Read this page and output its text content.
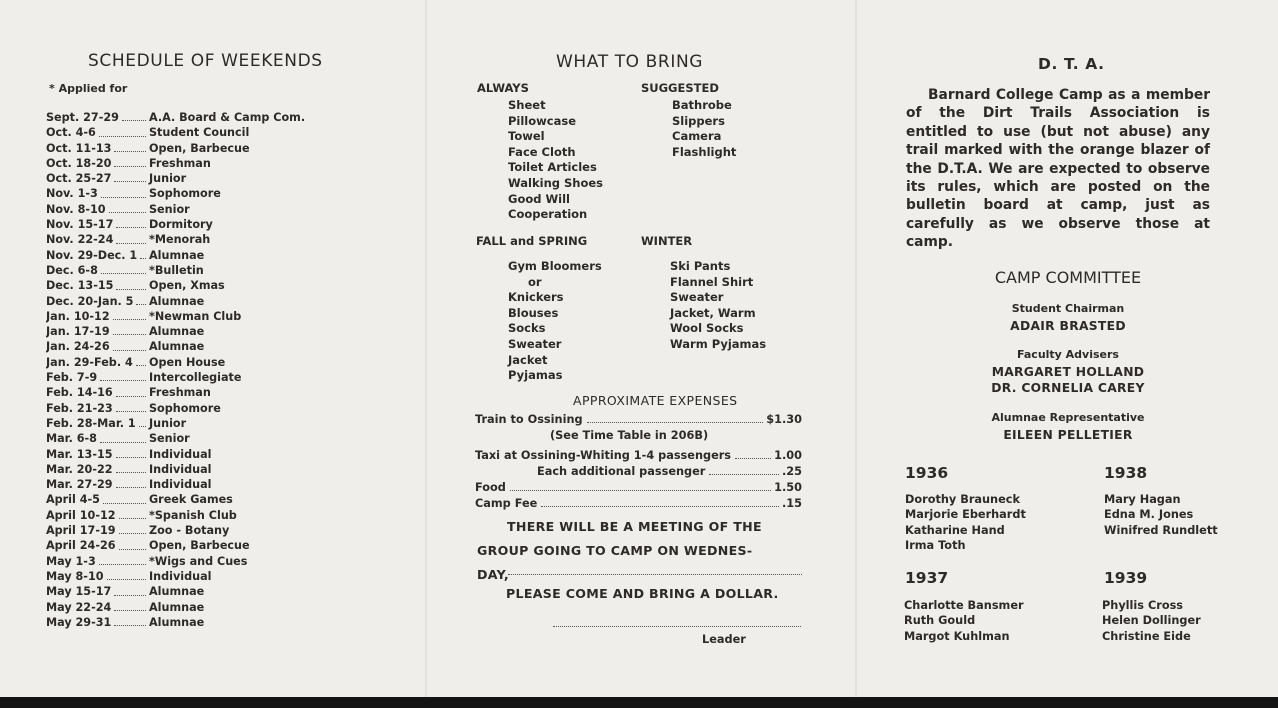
SCHEDULE OF WEEKENDS
* Applied for
Sept. 27-29	A.A. Board & Camp Com.
Oct. 4-6	Student Council
Oct. 11-13	Open, Barbecue
Oct. 18-20	Freshman
Oct. 25-27	Junior
Nov. 1-3	Sophomore
Nov. 8-10	Senior
Nov. 15-17	Dormitory
Nov. 22-24	*Menorah
Nov. 29-Dec. 1 Alumnae
Dec. 6-8	*Bulletin
Dec. 13-15	Open, Xmas
Dec. 20-Jan. 5 Alumnae
Jan. 10-12	*Newman Club
Jan. 17-19	Alumnae
Jan. 24-26	Alumnae
Jan. 29-Feb. 4 Open House
Feb. 7-9	Intercollegiate
Feb. 14-16	Freshman
Feb. 21-23	Sophomore
Feb. 28-Mar. 1 Junior
Mar. 6-8	Senior
Mar. 13-15	Individual
Mar. 20-22	Individual
Mar. 27-29	Individual
April 4-5	Greek Games
April 10-12	*Spanish Club
April 17-19	Zoo - Botany
April 24-26	Open, Barbecue
May 1-3	*Wigs and Cues
May 8-10	Individual
May 15-17	Alumnae
May 22-24	Alumnae
May 29-31	Alumnae
WHAT TO BRING
ALWAYS
Sheet
Pillowcase
Towel
Face Cloth
Toilet Articles
Walking Shoes
Good Will
Cooperation
SUGGESTED
Bathrobe
Slippers
Camera
Flashlight
FALL and SPRING
Gym Bloomers
or
Knickers
Blouses
Socks
Sweater
Jacket
Pyjamas
WINTER
Ski Pants
Flannel Shirt
Sweater
Jacket, Warm
Wool Socks
Warm Pyjamas
APPROXIMATE EXPENSES
Train to Ossining	$1.30
(See Time Table in 206B)
Taxi at Ossining-Whiting 1-4 passengers	1.00
Each additional passenger	.25
Food	1.50
Camp Fee	.15

THERE WILL BE A MEETING OF THE

GROUP GOING TO CAMP ON WEDNES-

DAY,

PLEASE COME AND BRING A DOLLAR.
Leader
D. T. A.

Barnard College Camp as a member of the Dirt Trails Association is entitled to use (but not abuse) any trail marked with the orange blazer of the D.T.A. We are expected to observe its rules, which are posted on the bulletin board at camp, just as carefully as we observe those at camp.

CAMP COMMITTEE
Student Chairman
ADAIR BRASTED
Faculty Advisers
MARGARET HOLLAND
DR. CORNELIA CAREY
Alumnae Representative
EILEEN PELLETIER
1936
Dorothy Brauneck
Marjorie Eberhardt
Katharine Hand
Irma Toth
1938
Mary Hagan
Edna M. Jones
Winifred Rundlett
1937
Charlotte Bansmer
Ruth Gould
Margot Kuhlman
1939
Phyllis Cross
Helen Dollinger
Christine Eide
